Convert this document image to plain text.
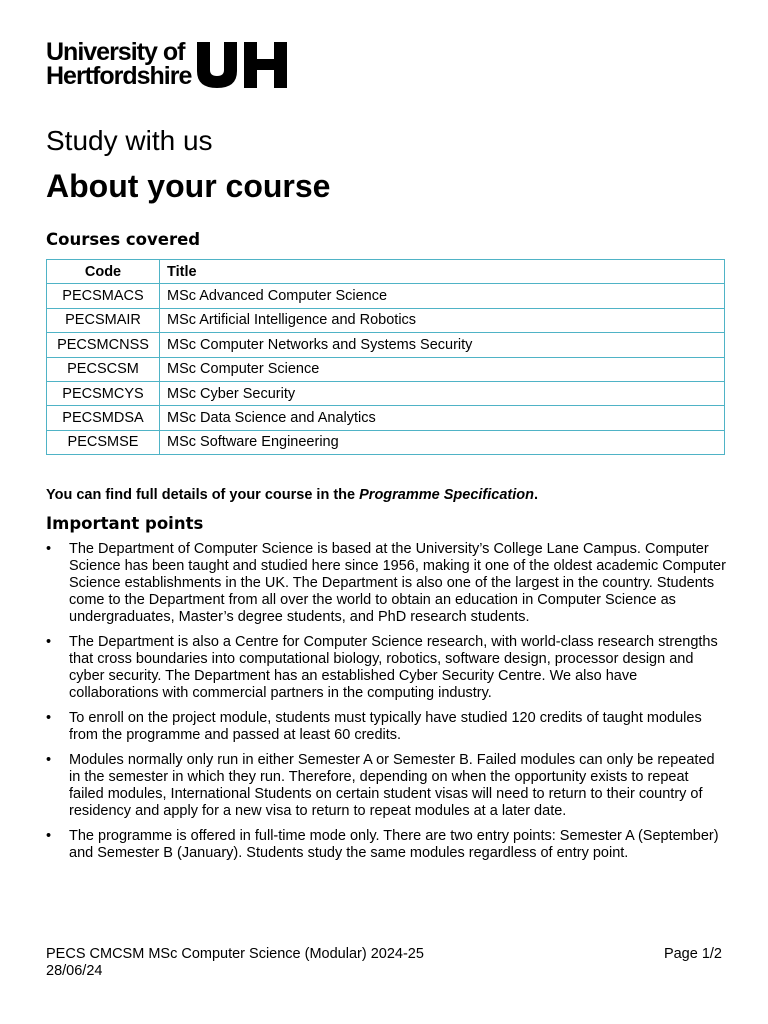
University of
Hertfordshire
Study with us
About your course
Courses covered
Code	Title
PECSMACS	MSc Advanced Computer Science
PECSMAIR	MSc Artificial Intelligence and Robotics
PECSMCNSS	MSc Computer Networks and Systems Security
PECSCSM	MSc Computer Science
PECSMCYS	MSc Cyber Security
PECSMDSA	MSc Data Science and Analytics
PECSMSE	MSc Software Engineering
You can find full details of your course in the Programme Specification.
Important points
• The Department of Computer Science is based at the University’s College Lane Campus. Computer Science has been taught and studied here since 1956, making it one of the oldest academic Computer Science establishments in the UK. The Department is also one of the largest in the country. Students come to the Department from all over the world to obtain an education in Computer Science as undergraduates, Master’s degree students, and PhD research students.
• The Department is also a Centre for Computer Science research, with world-class research strengths that cross boundaries into computational biology, robotics, software design, processor design and cyber security. The Department has an established Cyber Security Centre. We also have collaborations with commercial partners in the computing industry.
• To enroll on the project module, students must typically have studied 120 credits of taught modules from the programme and passed at least 60 credits.
• Modules normally only run in either Semester A or Semester B. Failed modules can only be repeated in the semester in which they run. Therefore, depending on when the opportunity exists to repeat failed modules, International Students on certain student visas will need to return to their country of residency and apply for a new visa to return to repeat modules at a later date.
• The programme is offered in full-time mode only. There are two entry points: Semester A (September) and Semester B (January). Students study the same modules regardless of entry point.
PECS CMCSM MSc Computer Science (Modular) 2024-25
28/06/24
Page 1/2
